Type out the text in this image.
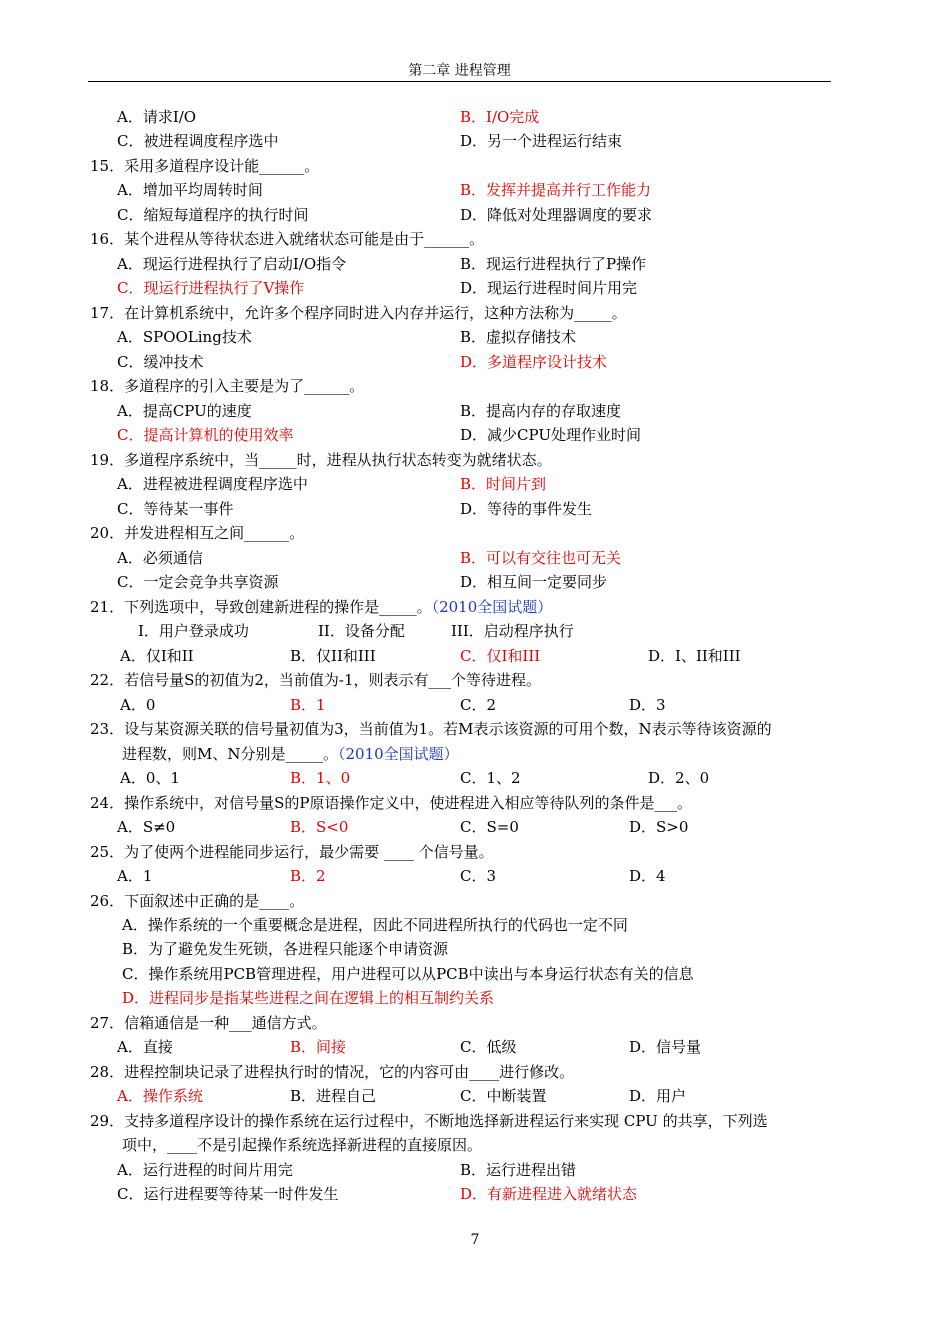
第二章 进程管理
A．请求I/O	B．I/O完成
C．被进程调度程序选中	D．另一个进程运行结束
15．采用多道程序设计能______。
A．增加平均周转时间	B．发挥并提高并行工作能力
C．缩短每道程序的执行时间	D．降低对处理器调度的要求
16．某个进程从等待状态进入就绪状态可能是由于______。
A．现运行进程执行了启动I/O指令	B．现运行进程执行了P操作
C．现运行进程执行了V操作	D．现运行进程时间片用完
17．在计算机系统中，允许多个程序同时进入内存并运行，这种方法称为_____。
A．SPOOLing技术	B．虚拟存储技术
C．缓冲技术	D．多道程序设计技术
18．多道程序的引入主要是为了______。
A．提高CPU的速度	B．提高内存的存取速度
C．提高计算机的使用效率	D．减少CPU处理作业时间
19．多道程序系统中，当_____时，进程从执行状态转变为就绪状态。
A．进程被进程调度程序选中	B．时间片到
C．等待某一事件	D．等待的事件发生
20．并发进程相互之间______。
A．必须通信	B．可以有交往也可无关
C．一定会竞争共享资源	D．相互间一定要同步
21．下列选项中，导致创建新进程的操作是_____。（2010全国试题）
I．用户登录成功	II．设备分配	III．启动程序执行
A．仅I和II	B．仅II和III	C．仅I和III	D．I、II和III
22．若信号量S的初值为2，当前值为-1，则表示有___个等待进程。
A．0	B．1	C．2	D．3
23．设与某资源关联的信号量初值为3，当前值为1。若M表示该资源的可用个数，N表示等待该资源的
进程数，则M、N分别是_____。（2010全国试题）
A．0、1	B．1、0	C．1、2	D．2、0
24．操作系统中，对信号量S的P原语操作定义中，使进程进入相应等待队列的条件是___。
A．S≠0	B．S<0	C．S=0	D．S>0
25．为了使两个进程能同步运行，最少需要 ____ 个信号量。
A．1	B．2	C．3	D．4
26．下面叙述中正确的是____。
A．操作系统的一个重要概念是进程，因此不同进程所执行的代码也一定不同
B．为了避免发生死锁，各进程只能逐个申请资源
C．操作系统用PCB管理进程，用户进程可以从PCB中读出与本身运行状态有关的信息
D．进程同步是指某些进程之间在逻辑上的相互制约关系
27．信箱通信是一种___通信方式。
A．直接	B．间接	C．低级	D．信号量
28．进程控制块记录了进程执行时的情况，它的内容可由____进行修改。
A．操作系统	B．进程自己	C．中断装置	D．用户
29．支持多道程序设计的操作系统在运行过程中，不断地选择新进程运行来实现 CPU 的共享，下列选
项中，____不是引起操作系统选择新进程的直接原因。
A．运行进程的时间片用完	B．运行进程出错
C．运行进程要等待某一时件发生	D．有新进程进入就绪状态
7
